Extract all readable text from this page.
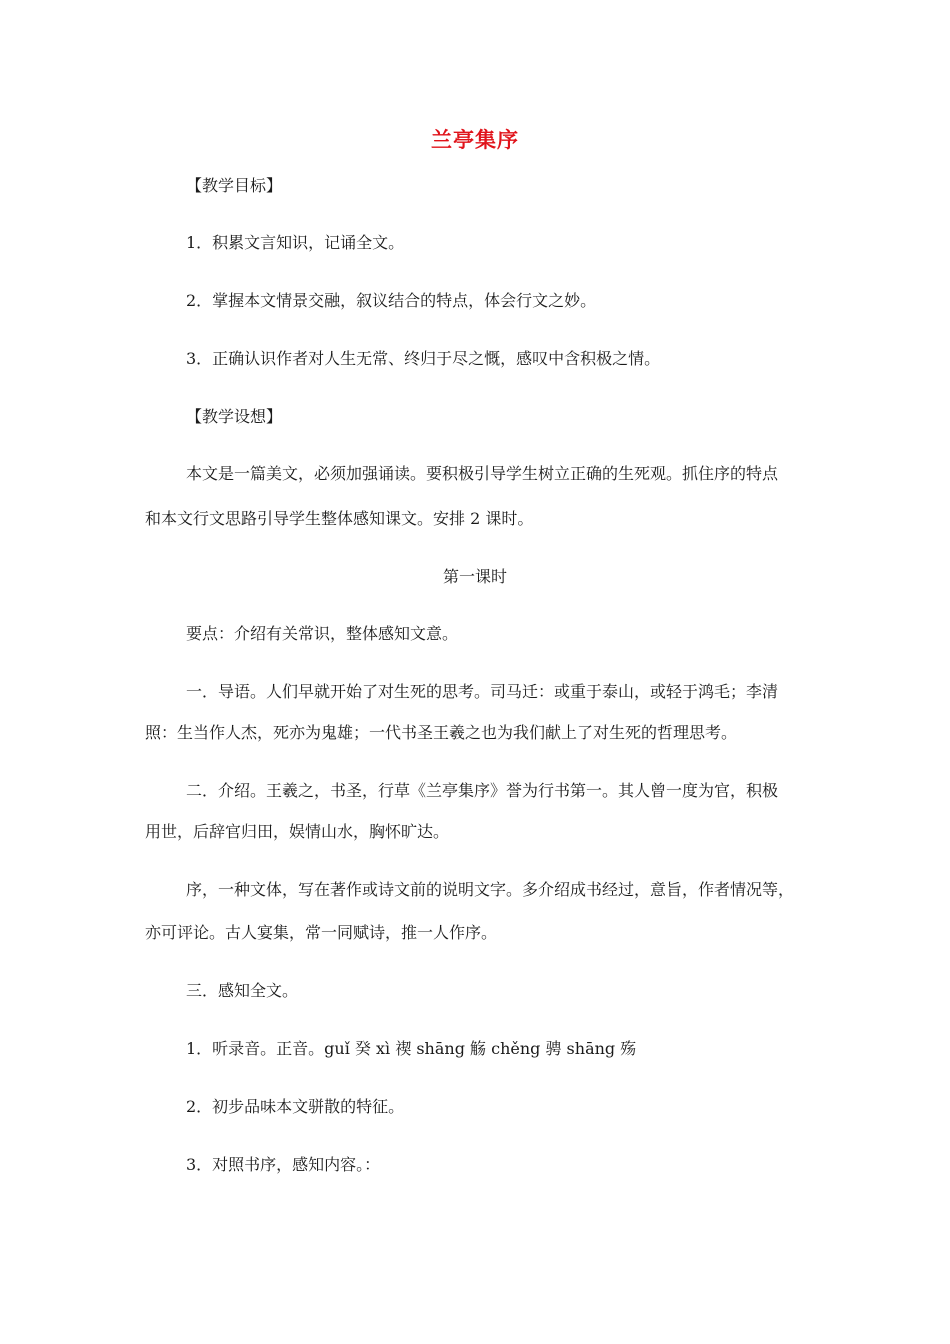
兰亭集序
【教学目标】
1．积累文言知识，记诵全文。
2．掌握本文情景交融，叙议结合的特点，体会行文之妙。
3．正确认识作者对人生无常、终归于尽之慨，感叹中含积极之情。
【教学设想】
本文是一篇美文，必须加强诵读。要积极引导学生树立正确的生死观。抓住序的特点
和本文行文思路引导学生整体感知课文。安排 2 课时。
第一课时
要点：介绍有关常识，整体感知文意。
一．导语。人们早就开始了对生死的思考。司马迁：或重于泰山，或轻于鸿毛；李清
照：生当作人杰，死亦为鬼雄；一代书圣王羲之也为我们献上了对生死的哲理思考。
二．介绍。王羲之，书圣，行草《兰亭集序》誉为行书第一。其人曾一度为官，积极
用世，后辞官归田，娱情山水，胸怀旷达。
序，一种文体，写在著作或诗文前的说明文字。多介绍成书经过，意旨，作者情况等，
亦可评论。古人宴集，常一同赋诗，推一人作序。
三．感知全文。
1．听录音。正音。guǐ 癸 xì 禊 shāng 觞 chěng 骋 shāng 殇
2．初步品味本文骈散的特征。
3．对照书序，感知内容。：
